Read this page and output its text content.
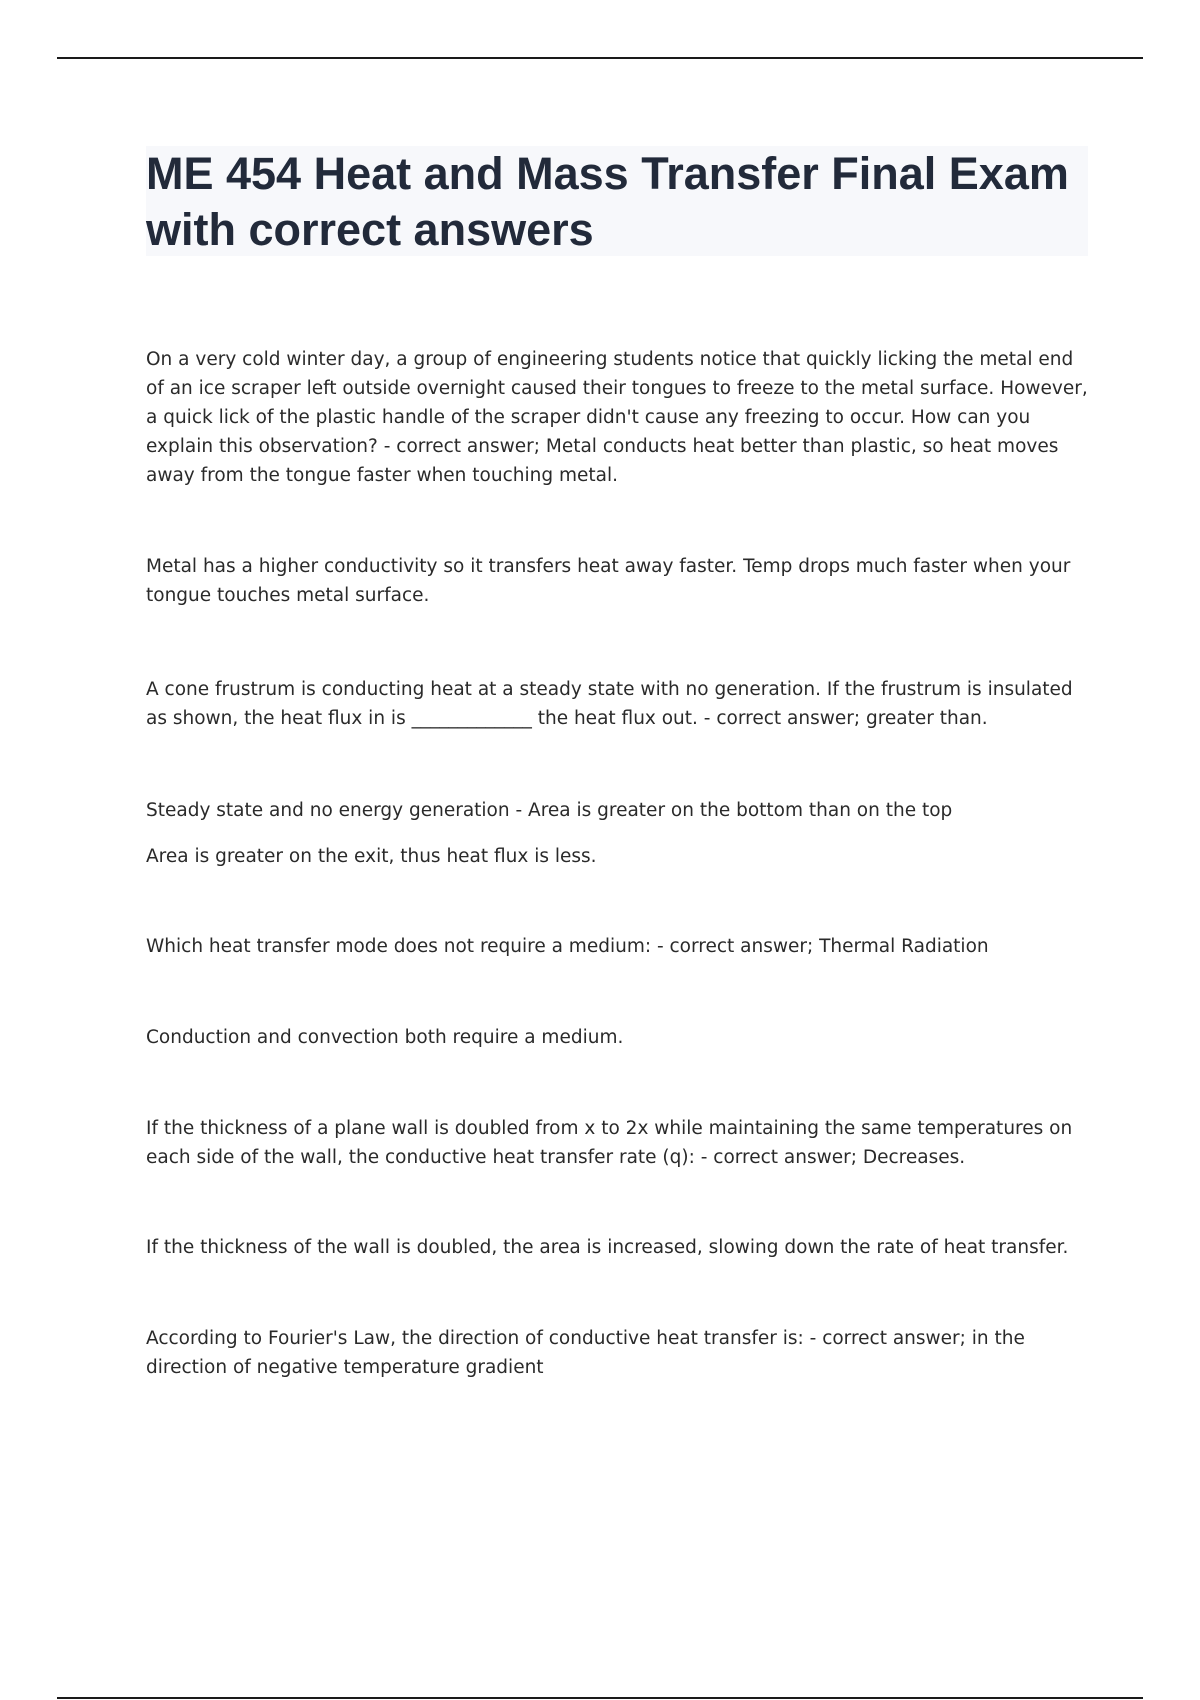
ME 454 Heat and Mass Transfer Final Exam with correct answers

On a very cold winter day, a group of engineering students notice that quickly licking the metal end of an ice scraper left outside overnight caused their tongues to freeze to the metal surface. However, a quick lick of the plastic handle of the scraper didn't cause any freezing to occur. How can you explain this observation? - correct answer; Metal conducts heat better than plastic, so heat moves away from the tongue faster when touching metal.

Metal has a higher conductivity so it transfers heat away faster. Temp drops much faster when your tongue touches metal surface.

A cone frustrum is conducting heat at a steady state with no generation. If the frustrum is insulated as shown, the heat flux in is _____________ the heat flux out. - correct answer; greater than.

Steady state and no energy generation - Area is greater on the bottom than on the top

Area is greater on the exit, thus heat flux is less.

Which heat transfer mode does not require a medium: - correct answer; Thermal Radiation

Conduction and convection both require a medium.

If the thickness of a plane wall is doubled from x to 2x while maintaining the same temperatures on each side of the wall, the conductive heat transfer rate (q): - correct answer; Decreases.

If the thickness of the wall is doubled, the area is increased, slowing down the rate of heat transfer.

According to Fourier's Law, the direction of conductive heat transfer is: - correct answer; in the direction of negative temperature gradient
